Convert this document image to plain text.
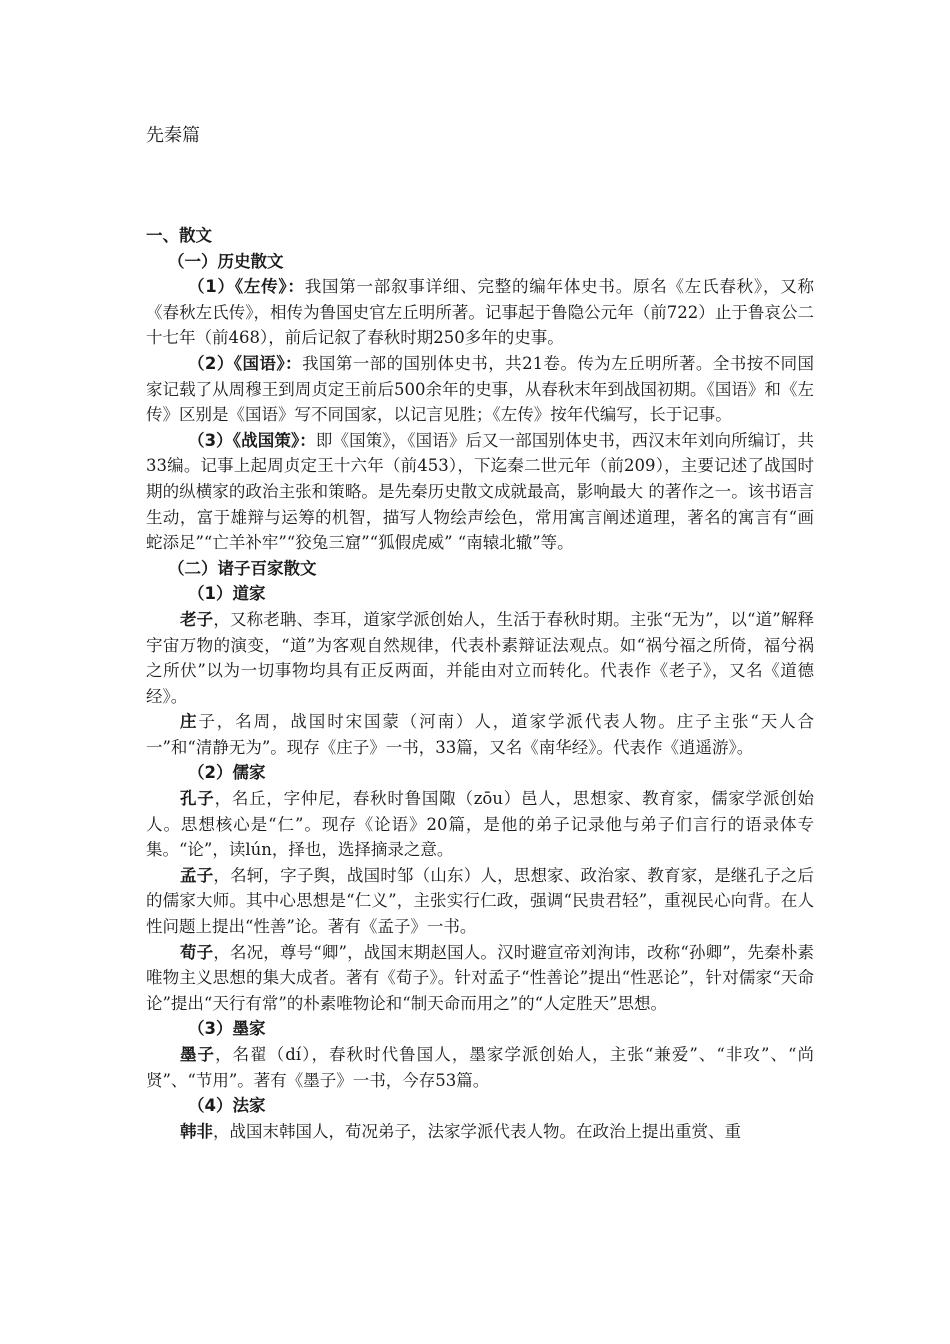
先秦篇

一、散文

（一）历史散文

（1）《左传》：我国第一部叙事详细、完整的编年体史书。原名《左氏春秋》，又称《春秋左氏传》，相传为鲁国史官左丘明所著。记事起于鲁隐公元年（前722）止于鲁哀公二十七年（前468），前后记叙了春秋时期250多年的史事。

（2）《国语》：我国第一部的国别体史书，共21卷。传为左丘明所著。全书按不同国家记载了从周穆王到周贞定王前后500余年的史事，从春秋末年到战国初期。《国语》和《左传》区别是《国语》写不同国家，以记言见胜；《左传》按年代编写，长于记事。

（3）《战国策》：即《国策》，《国语》后又一部国别体史书，西汉末年刘向所编订，共33编。记事上起周贞定王十六年（前453），下迄秦二世元年（前209），主要记述了战国时期的纵横家的政治主张和策略。是先秦历史散文成就最高，影响最大 的著作之一。该书语言生动，富于雄辩与运筹的机智，描写人物绘声绘色，常用寓言阐述道理，著名的寓言有“画蛇添足”“亡羊补牢”“狡兔三窟”“狐假虎威” “南辕北辙”等。

（二）诸子百家散文

（1）道家

老子，又称老聃、李耳，道家学派创始人，生活于春秋时期。主张“无为”，以“道”解释宇宙万物的演变，“道”为客观自然规律，代表朴素辩证法观点。如“祸兮福之所倚，福兮祸之所伏”以为一切事物均具有正反两面，并能由对立而转化。代表作《老子》，又名《道德经》。

庄子，名周，战国时宋国蒙（河南）人，道家学派代表人物。庄子主张“天人合一”和“清静无为”。现存《庄子》一书，33篇，又名《南华经》。代表作《逍遥游》。

（2）儒家

孔子，名丘，字仲尼，春秋时鲁国陬（zōu）邑人，思想家、教育家，儒家学派创始人。思想核心是“仁”。现存《论语》20篇，是他的弟子记录他与弟子们言行的语录体专集。“论”，读lún，择也，选择摘录之意。

孟子，名轲，字子舆，战国时邹（山东）人，思想家、政治家、教育家，是继孔子之后的儒家大师。其中心思想是“仁义”，主张实行仁政，强调“民贵君轻”，重视民心向背。在人性问题上提出“性善”论。著有《孟子》一书。

荀子，名况，尊号“卿”，战国末期赵国人。汉时避宣帝刘洵讳，改称“孙卿”，先秦朴素唯物主义思想的集大成者。著有《荀子》。针对孟子“性善论”提出“性恶论”，针对儒家“天命论”提出“天行有常”的朴素唯物论和“制天命而用之”的“人定胜天”思想。

（3）墨家

墨子，名翟（dí），春秋时代鲁国人，墨家学派创始人，主张“兼爱”、“非攻”、“尚贤”、“节用”。著有《墨子》一书，今存53篇。

（4）法家

韩非，战国末韩国人，荀况弟子，法家学派代表人物。在政治上提出重赏、重
